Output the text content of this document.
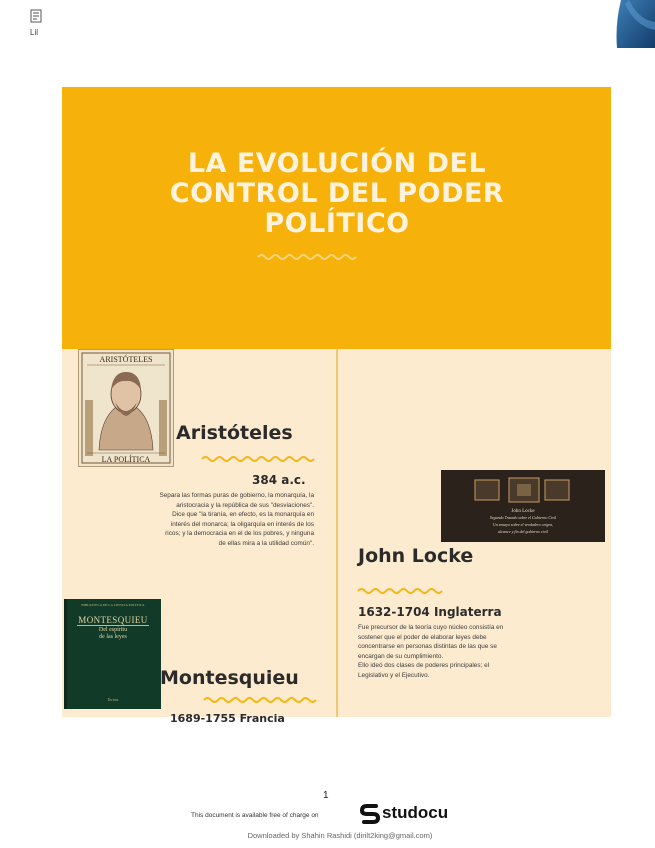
Lil
LA EVOLUCIÓN DEL
CONTROL DEL PODER
POLÍTICO
ARISTÓTELES
LA POLÍTICA
Aristóteles
384 a.c.

Separa las formas puras de gobierno, la monarquía, la

aristocracia y la república de sus "desviaciones".

Dice que "la tiranía, en efecto, es la monarquía en

interés del monarca; la oligarquía en interés de los

ricos; y la democracia en el de los pobres, y ninguna

de ellas mira a la utilidad común".

John Locke
Segundo Tratado sobre el Gobierno Civil
Un ensayo sobre el verdadero origen,
alcance y fin del gobierno civil
John Locke
1632-1704 Inglaterra

Fue precursor de la teoría cuyo núcleo consistía en

sostener que el poder de elaborar leyes debe

concentrarse en personas distintas de las que se

encargan de su cumplimiento.

Ello ideó dos clases de poderes principales; el

Legislativo y el Ejecutivo.

BIBLIOTECA DE LA CIENCIA POLÍTICA
MONTESQUIEU
Del espíritu
de las leyes
Tecnos
Montesquieu
1689-1755 Francia
1
This document is available free of charge on	studocu
Downloaded by Shahin Rashidi (dirilt2king@gmail.com)
